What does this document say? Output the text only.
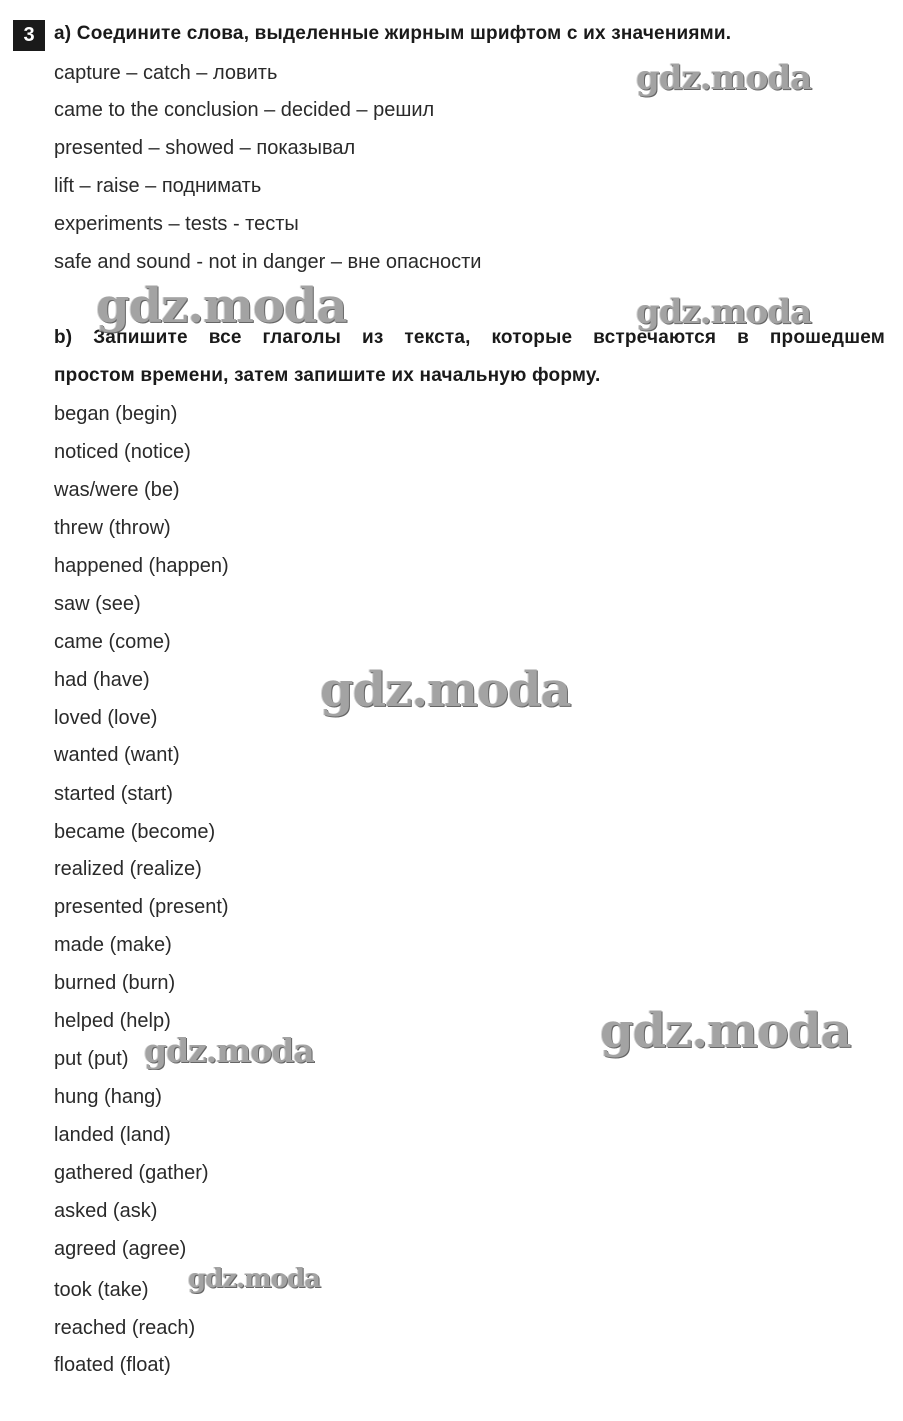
3	a) Соедините слова, выделенные жирным шрифтом с их значениями.
capture – catch – ловить
came to the conclusion – decided – решил
presented – showed – показывал
lift – raise – поднимать
experiments – tests - тесты
safe and sound - not in danger – вне опасности
b) Запишите все глаголы из текста, которые встречаются в прошедшем
простом времени, затем запишите их начальную форму.
began (begin)
noticed (notice)
was/were (be)
threw (throw)
happened (happen)
saw (see)
came (come)
had (have)
loved (love)
wanted (want)
started (start)
became (become)
realized (realize)
presented (present)
made (make)
burned (burn)
helped (help)
put (put)
hung (hang)
landed (land)
gathered (gather)
asked (ask)
agreed (agree)
took (take)
reached (reach)
floated (float)
gdz.moda
gdz.moda	gdz.moda
gdz.moda
gdz.moda
gdz.moda
gdz.moda
